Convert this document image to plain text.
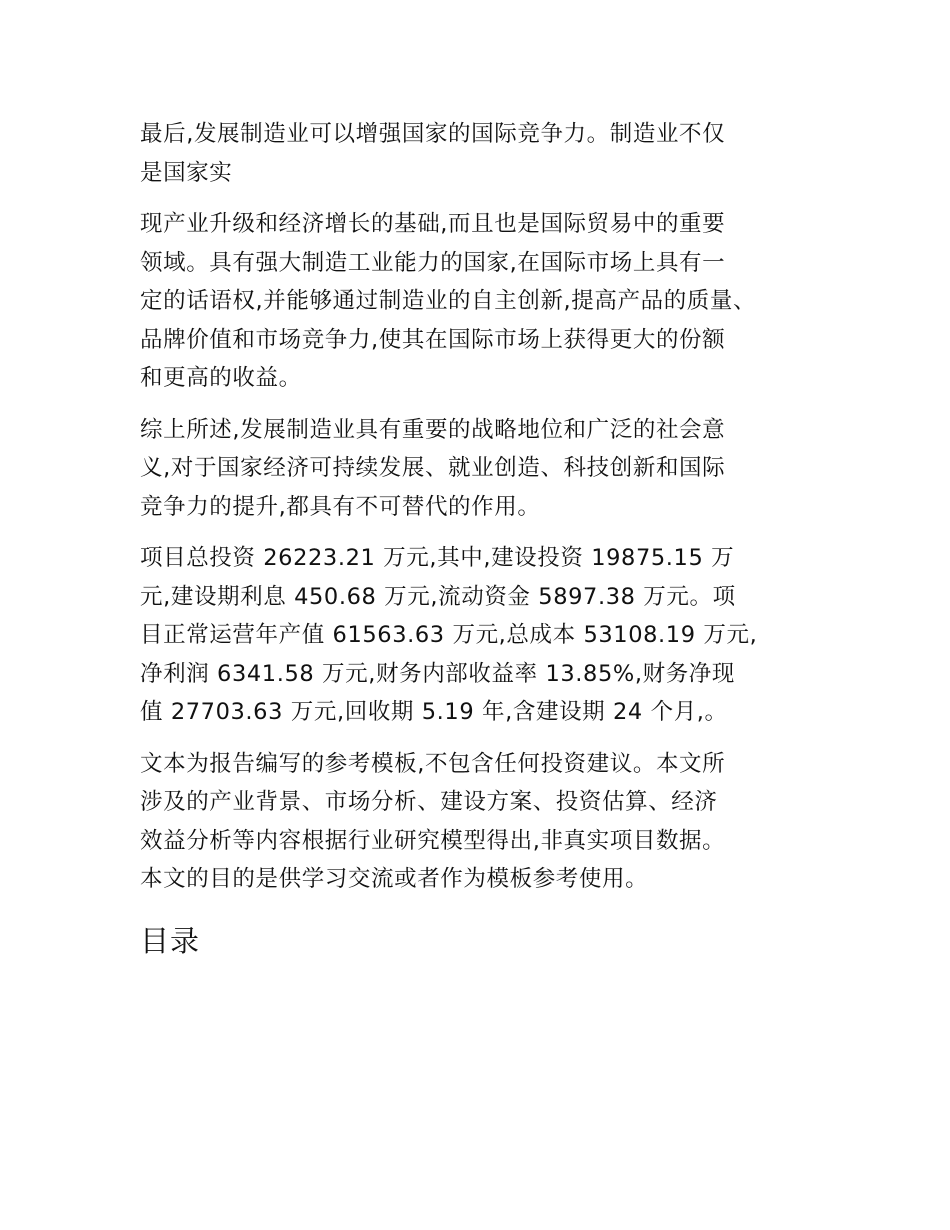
最后,发展制造业可以增强国家的国际竞争力。制造业不仅
是国家实

现产业升级和经济增长的基础,而且也是国际贸易中的重要
领域。具有强大制造工业能力的国家,在国际市场上具有一
定的话语权,并能够通过制造业的自主创新,提高产品的质量、
品牌价值和市场竞争力,使其在国际市场上获得更大的份额
和更高的收益。

综上所述,发展制造业具有重要的战略地位和广泛的社会意
义,对于国家经济可持续发展、就业创造、科技创新和国际
竞争力的提升,都具有不可替代的作用。

项目总投资 26223.21 万元,其中,建设投资 19875.15 万
元,建设期利息 450.68 万元,流动资金 5897.38 万元。项
目正常运营年产值 61563.63 万元,总成本 53108.19 万元,
净利润 6341.58 万元,财务内部收益率 13.85%,财务净现
值 27703.63 万元,回收期 5.19 年,含建设期 24 个月,。

文本为报告编写的参考模板,不包含任何投资建议。本文所
涉及的产业背景、市场分析、建设方案、投资估算、经济
效益分析等内容根据行业研究模型得出,非真实项目数据。
本文的目的是供学习交流或者作为模板参考使用。

目录
